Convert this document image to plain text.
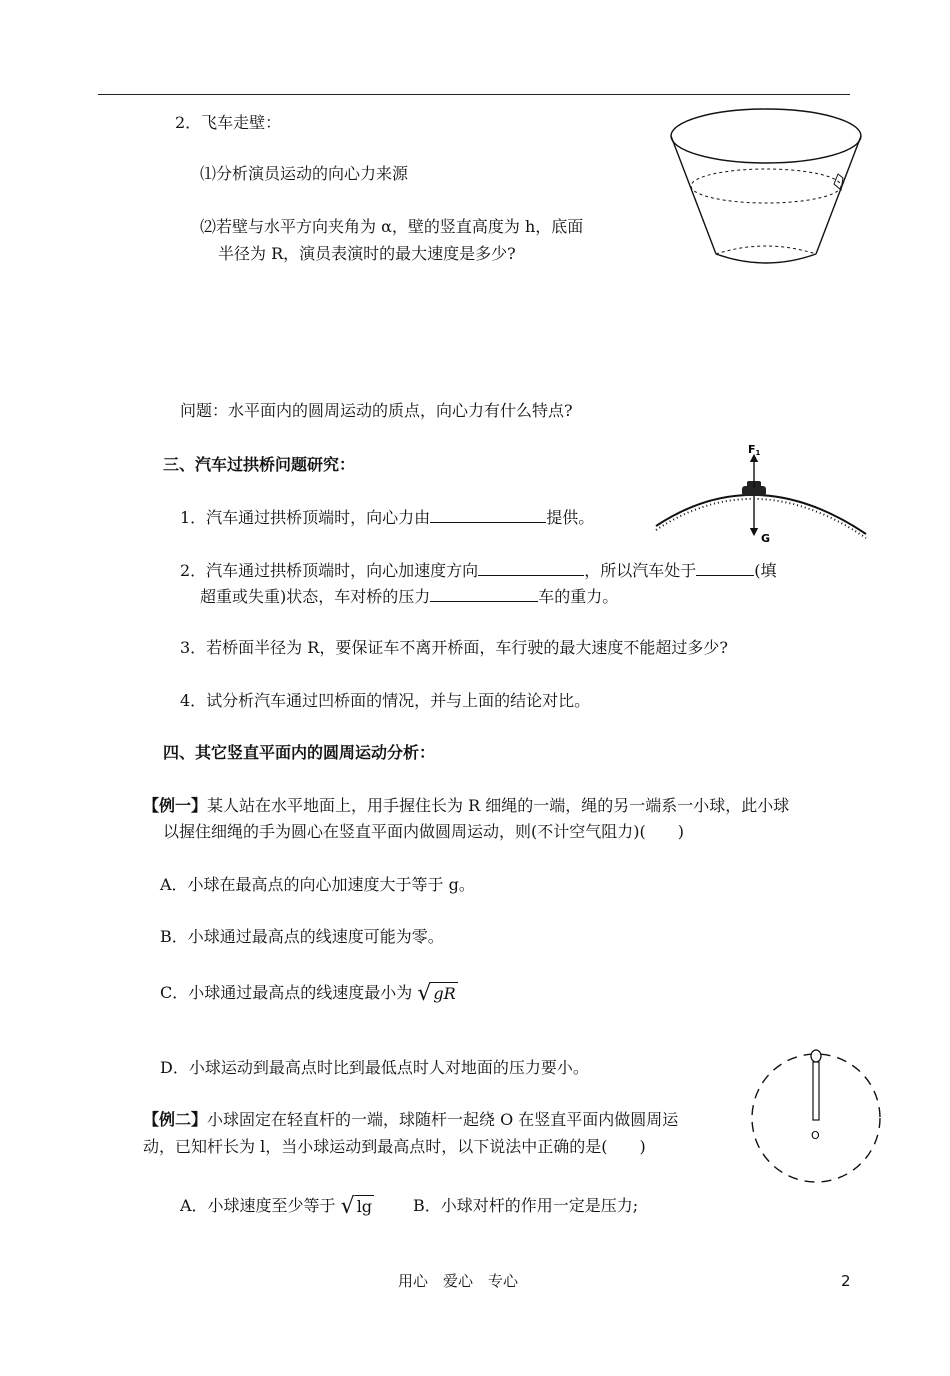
2．飞车走壁：
⑴分析演员运动的向心力来源
⑵若壁与水平方向夹角为 α，壁的竖直高度为 h，底面
半径为 R，演员表演时的最大速度是多少?
问题：水平面内的圆周运动的质点，向心力有什么特点?
三、汽车过拱桥问题研究：
1．汽车通过拱桥顶端时，向心力由	提供。
2．汽车通过拱桥顶端时，向心加速度方向	，所以汽车处于	(填
超重或失重)状态，车对桥的压力	车的重力。
3．若桥面半径为 R，要保证车不离开桥面，车行驶的最大速度不能超过多少?
4．试分析汽车通过凹桥面的情况，并与上面的结论对比。
F1
G
四、其它竖直平面内的圆周运动分析：
【例一】某人站在水平地面上，用手握住长为 R 细绳的一端，绳的另一端系一小球，此小球
以握住细绳的手为圆心在竖直平面内做圆周运动，则(不计空气阻力)(　　)
A．小球在最高点的向心加速度大于等于 g。
B．小球通过最高点的线速度可能为零。
C．小球通过最高点的线速度最小为 √ gR
D．小球运动到最高点时比到最低点时人对地面的压力要小。
【例二】小球固定在轻直杆的一端，球随杆一起绕 O 在竖直平面内做圆周运
动，已知杆长为 l，当小球运动到最高点时，以下说法中正确的是(　　)
A．小球速度至少等于 √ lg	B．小球对杆的作用一定是压力;
O
用心　爱心　专心	2
